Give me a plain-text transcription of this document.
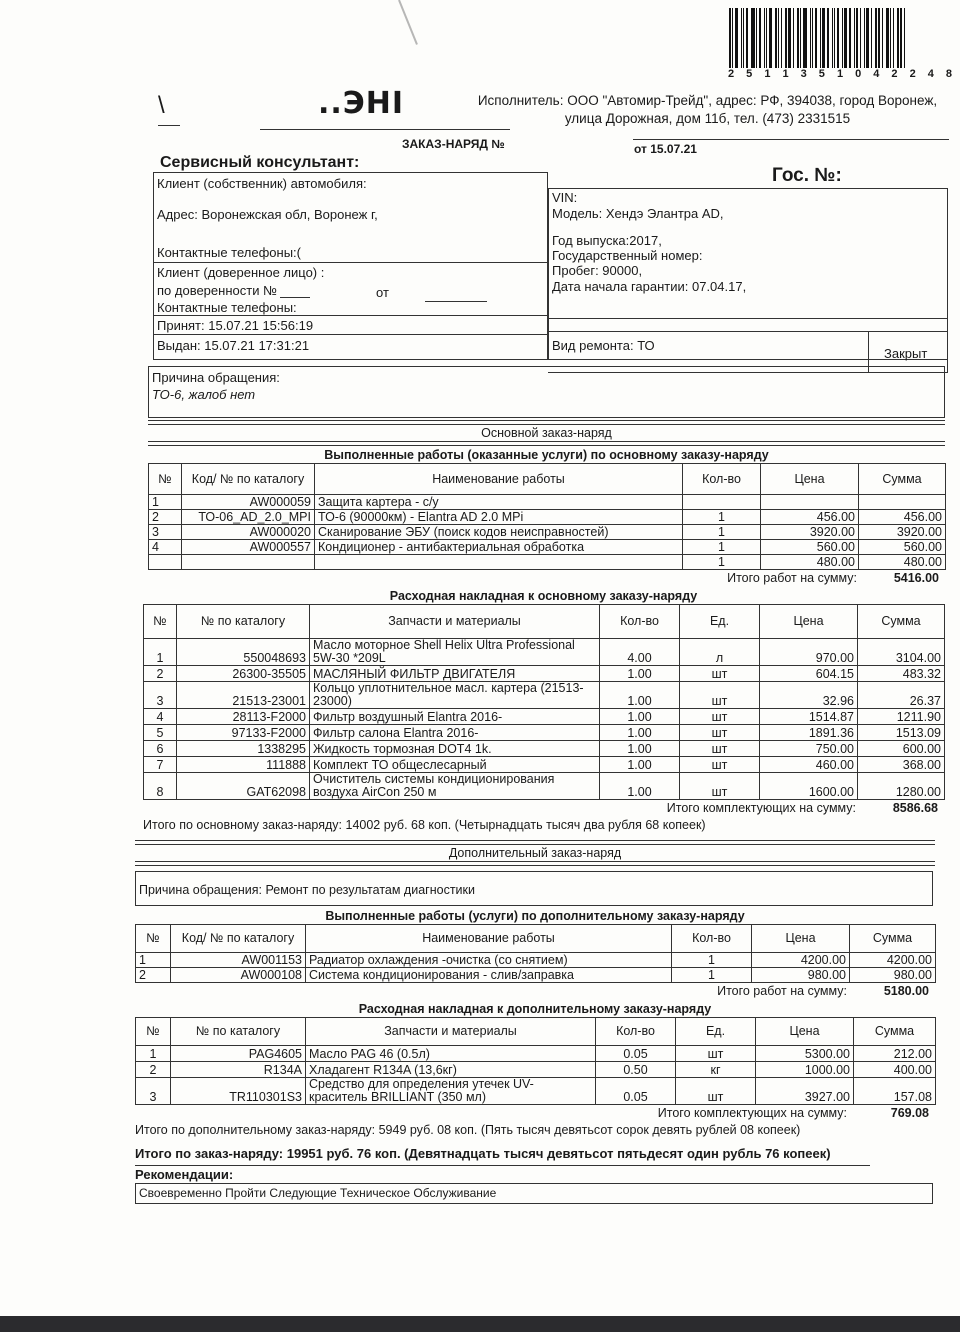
2 5 1 1 3 5 1 0 4 2 2 4 8
\	..ЭНI	Исполнитель: ООО "Автомир-Трейд", адрес: РФ, 394038, город Воронеж,
улица Дорожная, дом 11б, тел. (473) 2331515
ЗАКАЗ-НАРЯД №	от 15.07.21
Сервисный консультант:
Гос. №:
Клиент (собственник) автомобиля:
Адрес: Воронежская обл, Воронеж г,
Контактные телефоны:(
Клиент (доверенное лицо) :
по доверенности №	от
Контактные телефоны:
Принят: 15.07.21 15:56:19
Выдан: 15.07.21 17:31:21
VIN:
Модель: Хендэ Элантра AD,
Год выпуска:2017,
Государственный номер:
Пробег: 90000,
Дата начала гарантии: 07.04.17,
Вид ремонта: ТО
Закрыт
Причина обращения:
ТО-6, жалоб нет
Основной заказ-наряд
Выполненные работы (оказанные услуги) по основному заказу-наряду
№	Код/ № по каталогу	Наименование работы	Кол-во	Цена	Сумма
1	AW000059	Защита картера - с/у			
2	ТО-06_AD_2.0_MPI	ТО-6 (90000км) - Elantra AD 2.0 MPi	1	456.00	456.00
3	AW000020	Сканирование ЭБУ (поиск кодов неисправностей)	1	3920.00	3920.00
4	AW000557	Кондиционер - антибактериальная обработка	1	560.00	560.00
			1	480.00	480.00
Итого работ на сумму:	5416.00
Расходная накладная к основному заказу-наряду
№	№ по каталогу	Запчасти и материалы	Кол-во	Ед.	Цена	Сумма
1	550048693	Масло моторное Shell Helix Ultra Professional 5W-30 *209L	4.00	л	970.00	3104.00
2	26300-35505	МАСЛЯНЫЙ ФИЛЬТР ДВИГАТЕЛЯ	1.00	шт	604.15	483.32
3	21513-23001	Кольцо уплотнительное масл. картера (21513-23000)	1.00	шт	32.96	26.37
4	28113-F2000	Фильтр воздушный Elantra 2016-	1.00	шт	1514.87	1211.90
5	97133-F2000	Фильтр салона Elantra 2016-	1.00	шт	1891.36	1513.09
6	1338295	Жидкость тормозная DOT4 1k.	1.00	шт	750.00	600.00
7	111888	Комплект ТО общеслесарный	1.00	шт	460.00	368.00
8	GAT62098	Очиститель системы кондиционирования воздуха AirCon 250 м	1.00	шт	1600.00	1280.00
Итого комплектующих на сумму:	8586.68
Итого по основному заказ-наряду: 14002 руб. 68 коп. (Четырнадцать тысяч два рубля 68 копеек)
Дополнительный заказ-наряд
Причина обращения: Ремонт по результатам диагностики
Выполненные работы (услуги) по дополнительному заказу-наряду
№	Код/ № по каталогу	Наименование работы	Кол-во	Цена	Сумма
1	AW001153	Радиатор охлаждения -очистка (со снятием)	1	4200.00	4200.00
2	AW000108	Система кондиционирования - слив/заправка	1	980.00	980.00
Итого работ на сумму:	5180.00
Расходная накладная к дополнительному заказу-наряду
№	№ по каталогу	Запчасти и материалы	Кол-во	Ед.	Цена	Сумма
1	PAG4605	Масло PAG 46 (0.5л)	0.05	шт	5300.00	212.00
2	R134A	Хладагент R134A (13,6кг)	0.50	кг	1000.00	400.00
3	TR110301S3	Средство для определения утечек UV-краситель BRILLIANT (350 мл)	0.05	шт	3927.00	157.08
Итого комплектующих на сумму:	769.08
Итого по дополнительному заказ-наряду: 5949 руб. 08 коп. (Пять тысяч девятьсот сорок девять рублей 08 копеек)
Итого по заказ-наряду: 19951 руб. 76 коп. (Девятнадцать тысяч девятьсот пятьдесят один рубль 76 копеек)
Рекомендации:
Своевременно Пройти Следующие Техническое Обслуживание
